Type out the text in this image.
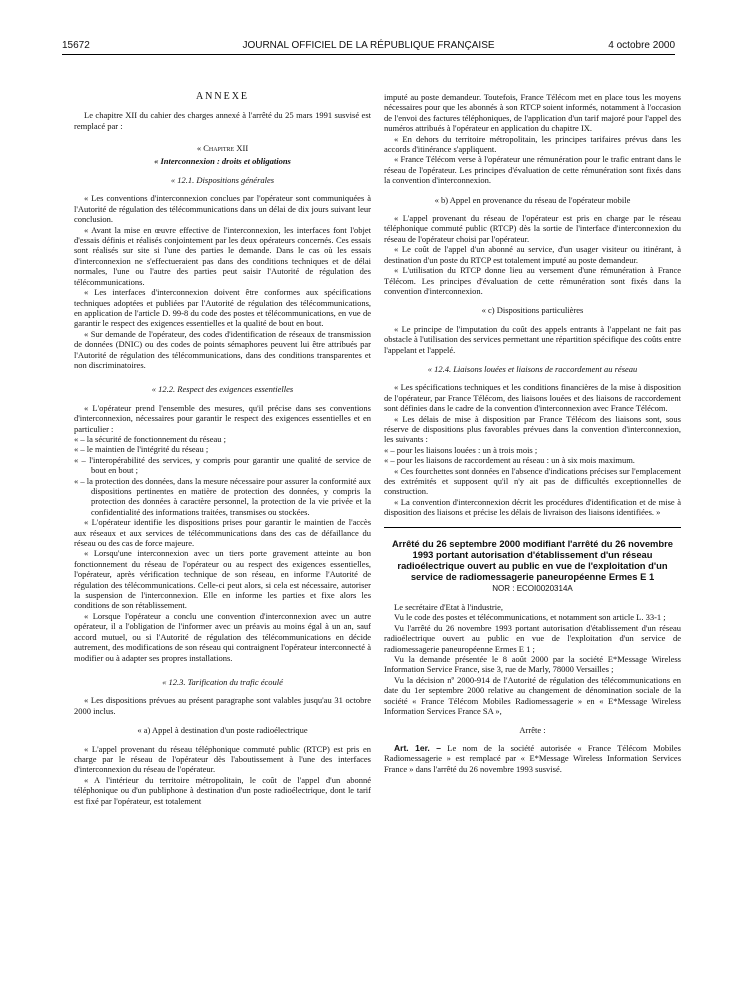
JOURNAL OFFICIEL DE LA RÉPUBLIQUE FRANÇAISE
15672	4 octobre 2000

ANNEXE

Le chapitre XII du cahier des charges annexé à l'arrêté du 25 mars 1991 susvisé est remplacé par :

« Chapitre XII

« Interconnexion : droits et obligations

« 12.1. Dispositions générales

« Les conventions d'interconnexion conclues par l'opérateur sont communiquées à l'Autorité de régulation des télécommunications dans un délai de dix jours suivant leur conclusion.

« Avant la mise en œuvre effective de l'interconnexion, les interfaces font l'objet d'essais définis et réalisés conjointement par les deux opérateurs concernés. Ces essais sont réalisés sur site si l'une des parties le demande. Dans le cas où les essais d'interconnexion ne s'effectueraient pas dans des conditions techniques et de délai normales, l'une ou l'autre des parties peut saisir l'Autorité de régulation des télécommunications.

« Les interfaces d'interconnexion doivent être conformes aux spécifications techniques adoptées et publiées par l'Autorité de régulation des télécommunications, en application de l'article D. 99-8 du code des postes et télécommunications, en vue de garantir le respect des exigences essentielles et la qualité de bout en bout.

« Sur demande de l'opérateur, des codes d'identification de réseaux de transmission de données (DNIC) ou des codes de points sémaphores peuvent lui être attribués par l'Autorité de régulation des télécommunications, dans des conditions transparentes et non discriminatoires.

« 12.2. Respect des exigences essentielles

« L'opérateur prend l'ensemble des mesures, qu'il précise dans ses conventions d'interconnexion, nécessaires pour garantir le respect des exigences essentielles et en particulier :

« – la sécurité de fonctionnement du réseau ;

« – le maintien de l'intégrité du réseau ;

« – l'interopérabilité des services, y compris pour garantir une qualité de service de bout en bout ;

« – la protection des données, dans la mesure nécessaire pour assurer la conformité aux dispositions pertinentes en matière de protection des données, y compris la protection des données à caractère personnel, la protection de la vie privée et la confidentialité des informations traitées, transmises ou stockées.

« L'opérateur identifie les dispositions prises pour garantir le maintien de l'accès aux réseaux et aux services de télécommunications dans des cas de défaillance du réseau ou des cas de force majeure.

« Lorsqu'une interconnexion avec un tiers porte gravement atteinte au bon fonctionnement du réseau de l'opérateur ou au respect des exigences essentielles, l'opérateur, après vérification technique de son réseau, en informe l'Autorité de régulation des télécommunications. Celle-ci peut alors, si cela est nécessaire, autoriser la suspension de l'interconnexion. Elle en informe les parties et fixe alors les conditions de son rétablissement.

« Lorsque l'opérateur a conclu une convention d'interconnexion avec un autre opérateur, il a l'obligation de l'informer avec un préavis au moins égal à un an, sauf accord mutuel, ou si l'Autorité de régulation des télécommunications en décide autrement, des modifications de son réseau qui contraignent l'opérateur interconnecté à modifier ou à adapter ses propres installations.

« 12.3. Tarification du trafic écoulé

« Les dispositions prévues au présent paragraphe sont valables jusqu'au 31 octobre 2000 inclus.

« a) Appel à destination d'un poste radioélectrique

« L'appel provenant du réseau téléphonique commuté public (RTCP) est pris en charge par le réseau de l'opérateur dès l'aboutissement à l'une des interfaces d'interconnexion du réseau de l'opérateur.

« A l'intérieur du territoire métropolitain, le coût de l'appel d'un abonné téléphonique ou d'un publiphone à destination d'un poste radioélectrique, dont le tarif est fixé par l'opérateur, est totalement

imputé au poste demandeur. Toutefois, France Télécom met en place tous les moyens nécessaires pour que les abonnés à son RTCP soient informés, notamment à l'occasion de l'envoi des factures téléphoniques, de l'application d'un tarif majoré pour l'appel des numéros attribués à l'opérateur en application du chapitre IX.

« En dehors du territoire métropolitain, les principes tarifaires prévus dans les accords d'itinérance s'appliquent.

« France Télécom verse à l'opérateur une rémunération pour le trafic entrant dans le réseau de l'opérateur. Les principes d'évaluation de cette rémunération sont fixés dans la convention d'interconnexion.

« b) Appel en provenance du réseau de l'opérateur mobile

« L'appel provenant du réseau de l'opérateur est pris en charge par le réseau téléphonique commuté public (RTCP) dès la sortie de l'interface d'interconnexion du réseau de l'opérateur choisi par l'opérateur.

« Le coût de l'appel d'un abonné au service, d'un usager visiteur ou itinérant, à destination d'un poste du RTCP est totalement imputé au poste demandeur.

« L'utilisation du RTCP donne lieu au versement d'une rémunération à France Télécom. Les principes d'évaluation de cette rémunération sont fixés dans la convention d'interconnexion.

« c) Dispositions particulières

« Le principe de l'imputation du coût des appels entrants à l'appelant ne fait pas obstacle à l'utilisation des services permettant une répartition spécifique des coûts entre l'appelant et l'appelé.

« 12.4. Liaisons louées et liaisons de raccordement au réseau

« Les spécifications techniques et les conditions financières de la mise à disposition de l'opérateur, par France Télécom, des liaisons louées et des liaisons de raccordement sont définies dans le cadre de la convention d'interconnexion avec France Télécom.

« Les délais de mise à disposition par France Télécom des liaisons sont, sous réserve de dispositions plus favorables prévues dans la convention d'interconnexion, les suivants :

« – pour les liaisons louées : un à trois mois ;

« – pour les liaisons de raccordement au réseau : un à six mois maximum.

« Ces fourchettes sont données en l'absence d'indications précises sur l'emplacement des extrémités et supposent qu'il n'y ait pas de difficultés exceptionnelles de construction.

« La convention d'interconnexion décrit les procédures d'identification et de mise à disposition des liaisons et précise les délais de livraison des liaisons identifiées. »

Arrêté du 26 septembre 2000 modifiant l'arrêté du 26 novembre 1993 portant autorisation d'établissement d'un réseau radioélectrique ouvert au public en vue de l'exploitation d'un service de radiomessagerie paneuropéenne Ermes E 1

NOR : ECOI0020314A

Le secrétaire d'Etat à l'industrie,

Vu le code des postes et télécommunications, et notamment son article L. 33-1 ;

Vu l'arrêté du 26 novembre 1993 portant autorisation d'établissement d'un réseau radioélectrique ouvert au public en vue de l'exploitation d'un service de radiomessagerie paneuropéenne Ermes E 1 ;

Vu la demande présentée le 8 août 2000 par la société E*Message Wireless Information Service France, sise 3, rue de Marly, 78000 Versailles ;

Vu la décision nº 2000-914 de l'Autorité de régulation des télécommunications en date du 1er septembre 2000 relative au changement de dénomination sociale de la société « France Télécom Mobiles Radiomessagerie » en « E*Message Wireless Information Services France SA »,

Arrête :

Art. 1er. – Le nom de la société autorisée « France Télécom Mobiles Radiomessagerie » est remplacé par « E*Message Wireless Information Services France » dans l'arrêté du 26 novembre 1993 susvisé.
